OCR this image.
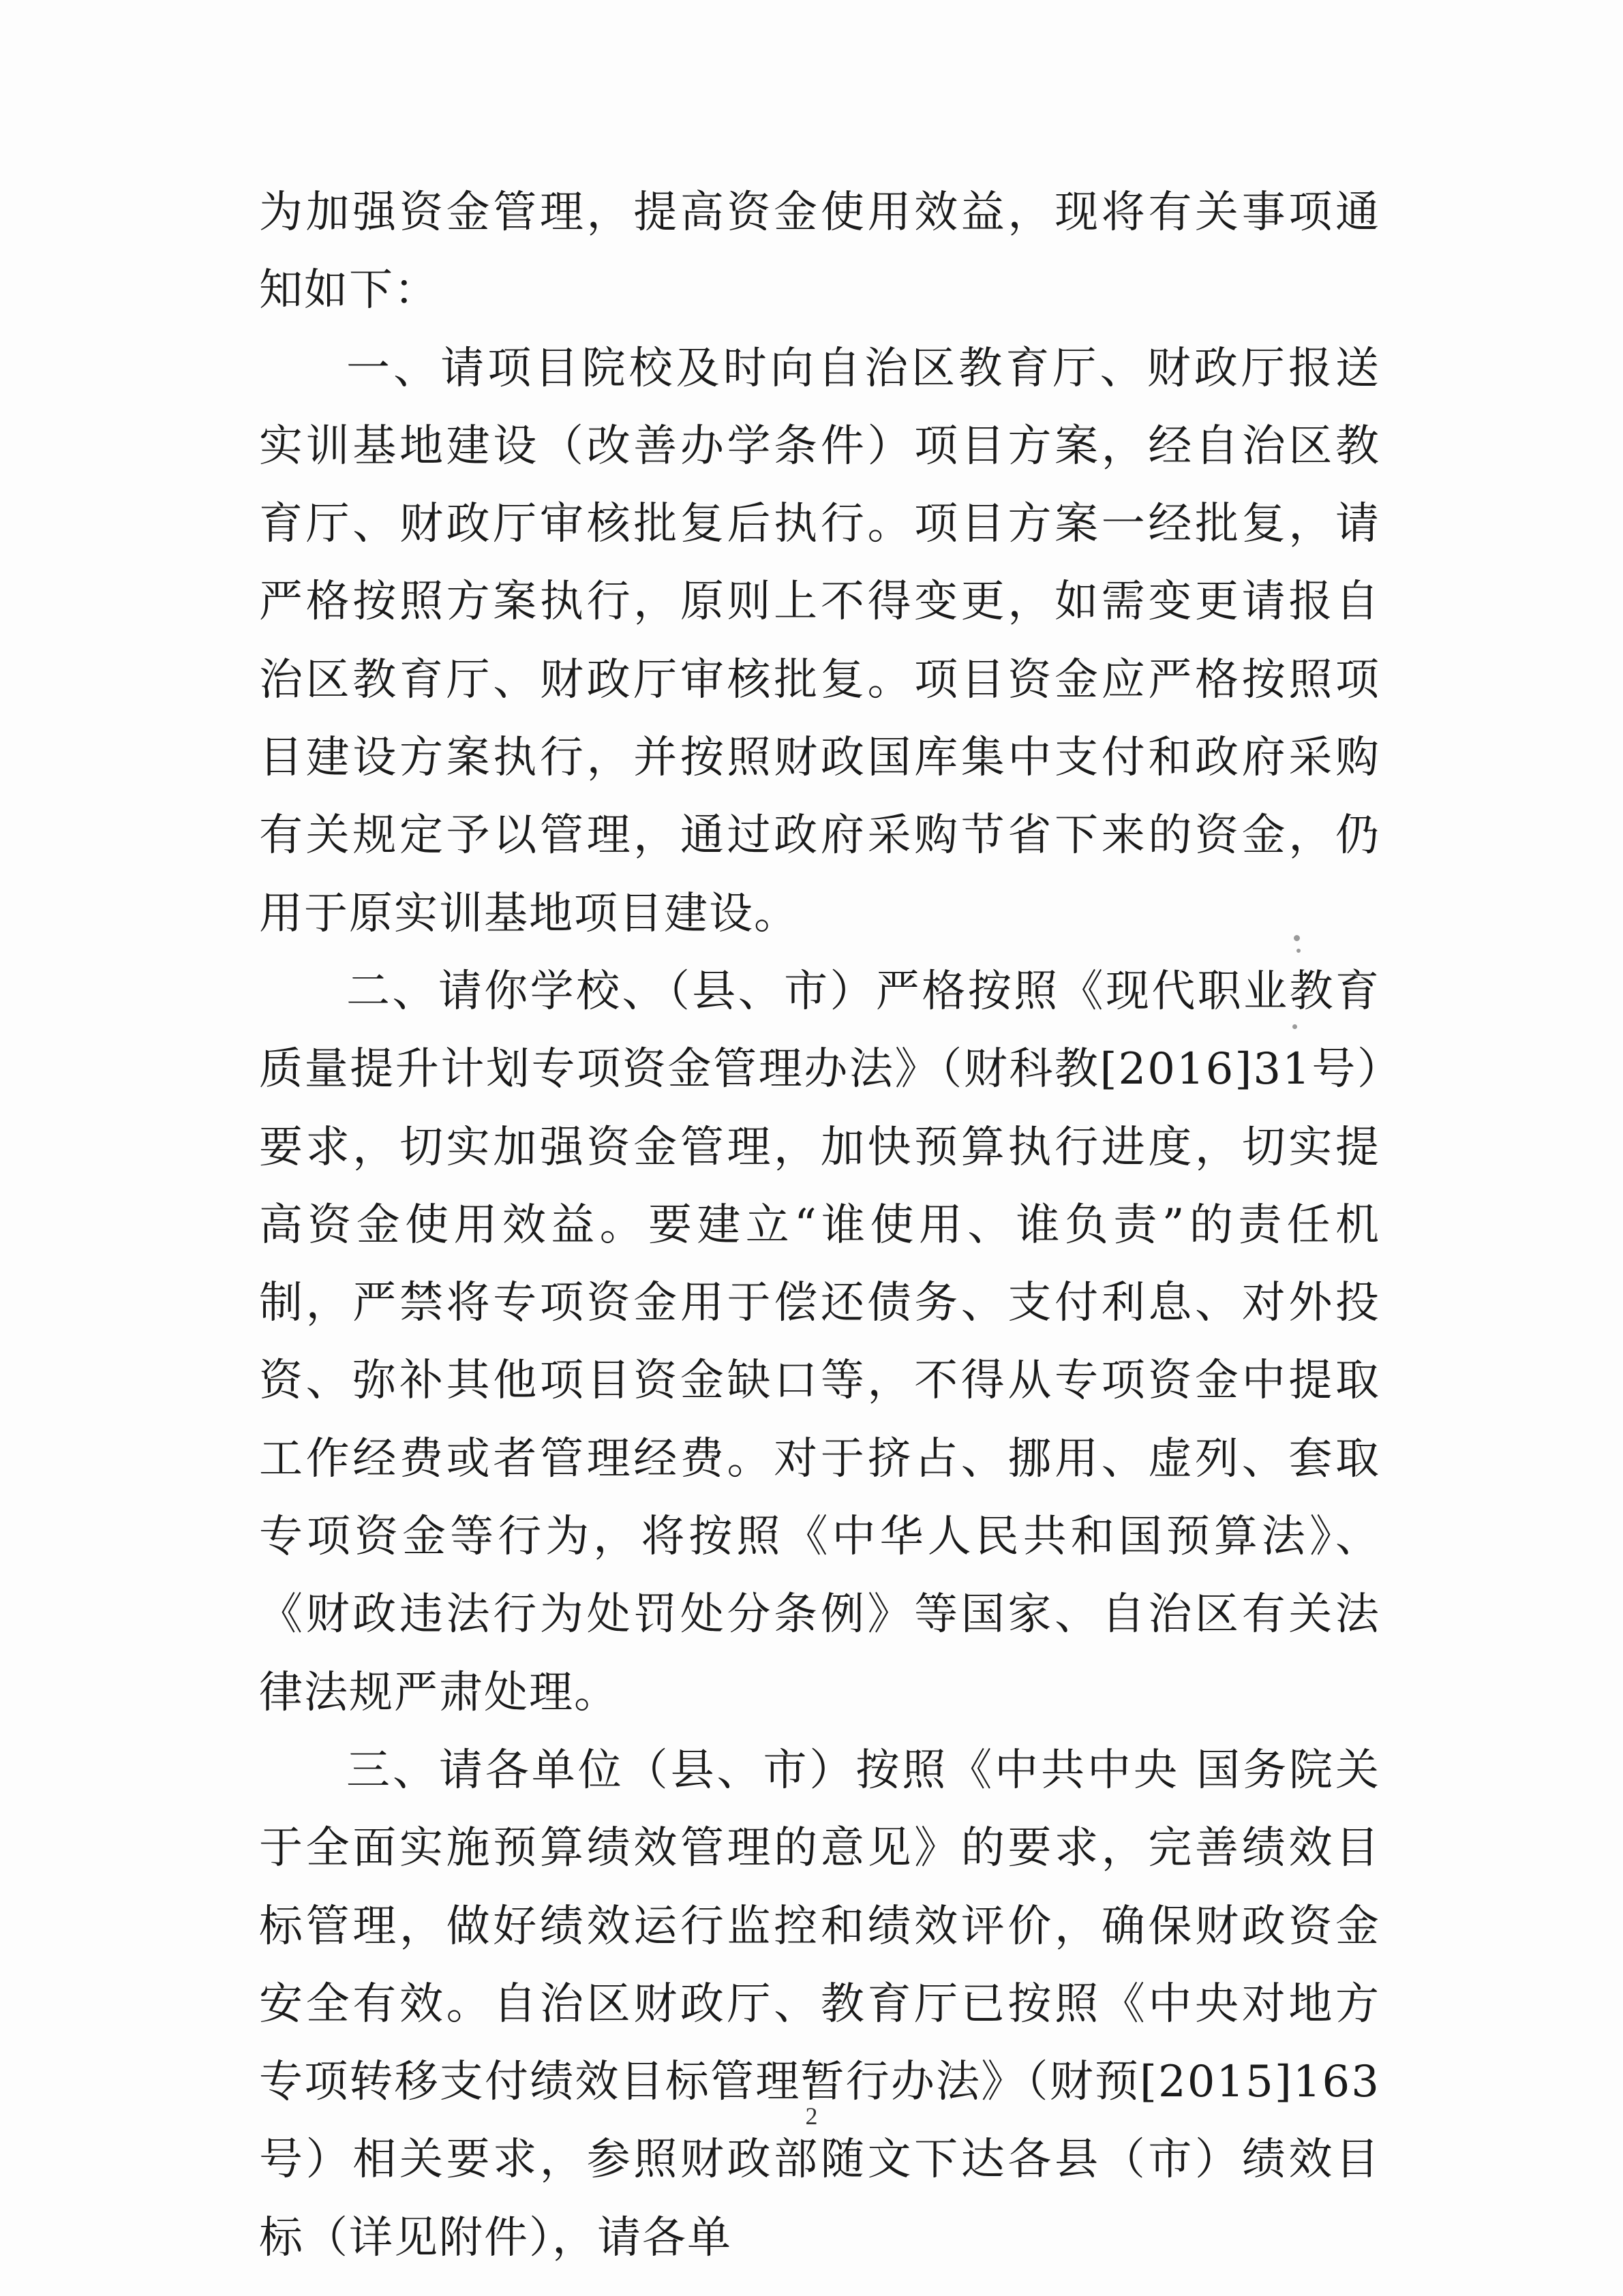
为加强资金管理，提高资金使用效益，现将有关事项通知如下：

一、请项目院校及时向自治区教育厅、财政厅报送实训基地建设（改善办学条件）项目方案，经自治区教育厅、财政厅审核批复后执行。项目方案一经批复，请严格按照方案执行，原则上不得变更，如需变更请报自治区教育厅、财政厅审核批复。项目资金应严格按照项目建设方案执行，并按照财政国库集中支付和政府采购有关规定予以管理，通过政府采购节省下来的资金，仍用于原实训基地项目建设。

二、请你学校、（县、市）严格按照《现代职业教育质量提升计划专项资金管理办法》（财科教[2016]31号）要求，切实加强资金管理，加快预算执行进度，切实提高资金使用效益。要建立“谁使用、谁负责”的责任机制，严禁将专项资金用于偿还债务、支付利息、对外投资、弥补其他项目资金缺口等，不得从专项资金中提取工作经费或者管理经费。对于挤占、挪用、虚列、套取专项资金等行为，将按照《中华人民共和国预算法》、《财政违法行为处罚处分条例》等国家、自治区有关法律法规严肃处理。

三、请各单位（县、市）按照《中共中央 国务院关于全面实施预算绩效管理的意见》的要求，完善绩效目标管理，做好绩效运行监控和绩效评价，确保财政资金安全有效。自治区财政厅、教育厅已按照《中央对地方专项转移支付绩效目标管理暂行办法》（财预[2015]163号）相关要求，参照财政部随文下达各县（市）绩效目标（详见附件），请各单

2
